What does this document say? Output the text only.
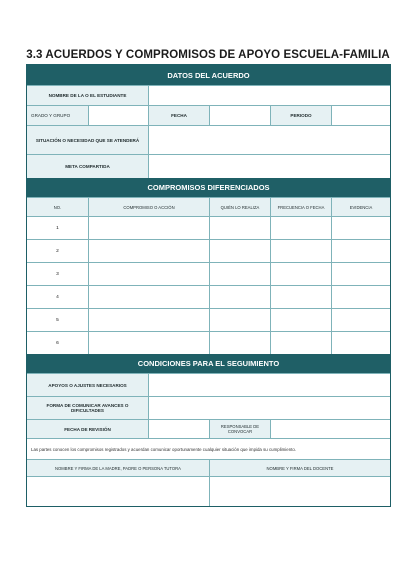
3.3 ACUERDOS Y COMPROMISOS DE APOYO ESCUELA-FAMILIA
DATOS DEL ACUERDO
NOMBRE DE LA O EL ESTUDIANTE
GRADO Y GRUPO	FECHA	PERIODO
SITUACIÓN O NECESIDAD QUE SE ATENDERÁ
META COMPARTIDA
COMPROMISOS DIFERENCIADOS
NO.	COMPROMISO O ACCIÓN	QUIÉN LO REALIZA	FRECUENCIA O FECHA	EVIDENCIA
1
2
3
4
5
6
CONDICIONES PARA EL SEGUIMIENTO
APOYOS O AJUSTES NECESARIOS
FORMA DE COMUNICAR AVANCES O DIFICULTADES
FECHA DE REVISIÓN	RESPONSABLE DE CONVOCAR
Las partes conocen los compromisos registrados y acuerdan comunicar oportunamente cualquier situación que impida su cumplimiento.
NOMBRE Y FIRMA DE LA MADRE, PADRE O PERSONA TUTORA	NOMBRE Y FIRMA DEL DOCENTE
